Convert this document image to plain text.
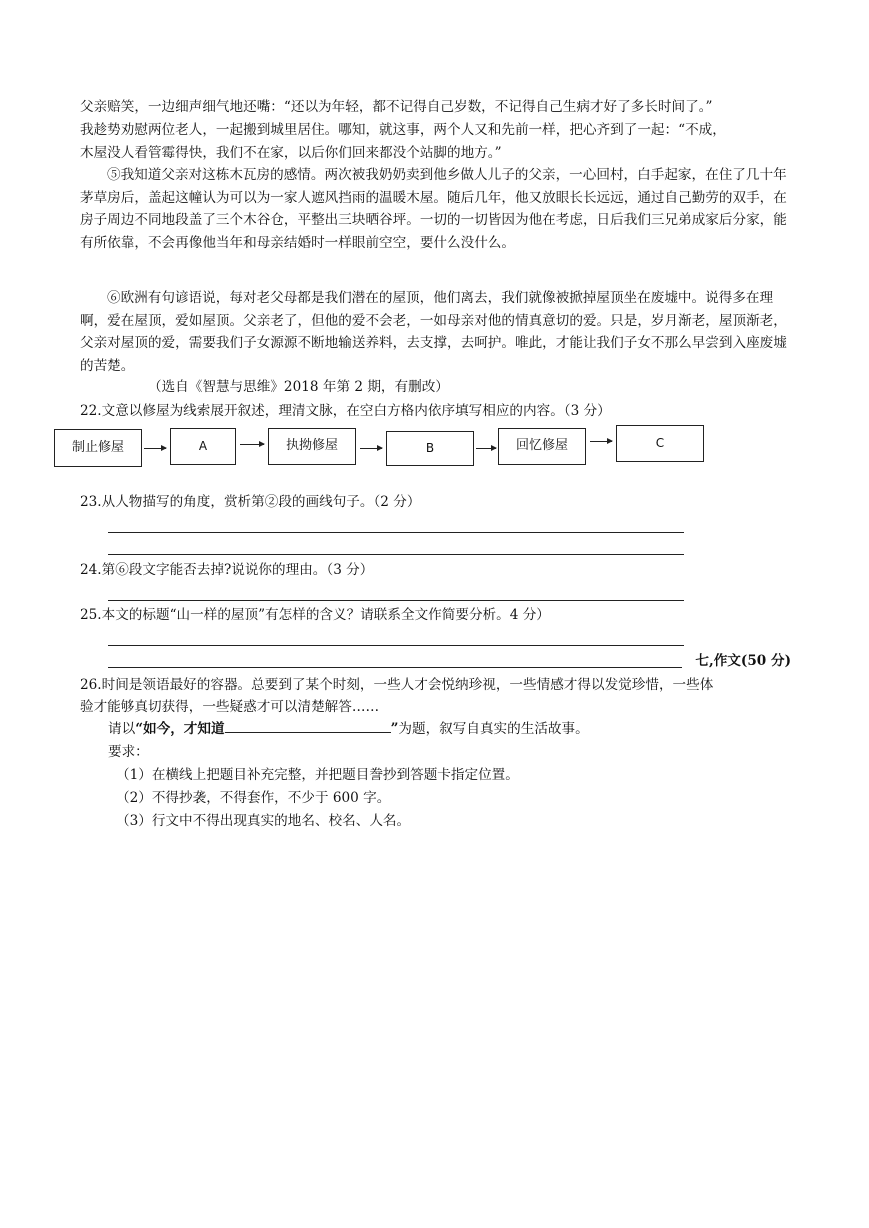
父亲赔笑，一边细声细气地还嘴：“还以为年轻，都不记得自己岁数，不记得自己生病才好了多长时间了。”
我趁势劝慰两位老人，一起搬到城里居住。哪知，就这事，两个人又和先前一样，把心齐到了一起：“不成，
木屋没人看管霉得快，我们不在家，以后你们回来都没个站脚的地方。”
⑤我知道父亲对这栋木瓦房的感情。两次被我奶奶卖到他乡做人儿子的父亲，一心回村，白手起家，在住了几十年茅草房后，盖起这幢认为可以为一家人遮风挡雨的温暖木屋。随后几年，他又放眼长长远远，通过自己勤劳的双手，在房子周边不同地段盖了三个木谷仓，平整出三块晒谷坪。一切的一切皆因为他在考虑，日后我们三兄弟成家后分家，能有所依靠，不会再像他当年和母亲结婚时一样眼前空空，要什么没什么。
⑥欧洲有句谚语说，每对老父母都是我们潜在的屋顶，他们离去，我们就像被掀掉屋顶坐在废墟中。说得多在理啊，爱在屋顶，爱如屋顶。父亲老了，但他的爱不会老，一如母亲对他的情真意切的爱。只是，岁月渐老，屋顶渐老，父亲对屋顶的爱，需要我们子女源源不断地输送养料，去支撑，去呵护。唯此，才能让我们子女不那么早尝到入座废墟的苦楚。
（选自《智慧与思维》2018 年第 2 期，有删改）
22.文意以修屋为线索展开叙述，理清文脉，在空白方格内依序填写相应的内容。（3 分）
制止修屋	A	执拗修屋	B	回忆修屋	C
23.从人物描写的角度，赏析第②段的画线句子。（2 分）
24.第⑥段文字能否去掉?说说你的理由。（3 分）
25.本文的标题“山一样的屋顶”有怎样的含义？请联系全文作简要分析。4 分）
七,作文(50 分)
26.时间是领语最好的容器。总要到了某个时刻，一些人才会悦纳珍视，一些情感才得以发觉珍惜，一些体
验才能够真切获得，一些疑惑才可以清楚解答……
请以“如今，才知道	”为题，叙写自真实的生活故事。
要求：
（1）在横线上把题目补充完整，并把题目誊抄到答题卡指定位置。
（2）不得抄袭，不得套作，不少于 600 字。
（3）行文中不得出现真实的地名、校名、人名。
